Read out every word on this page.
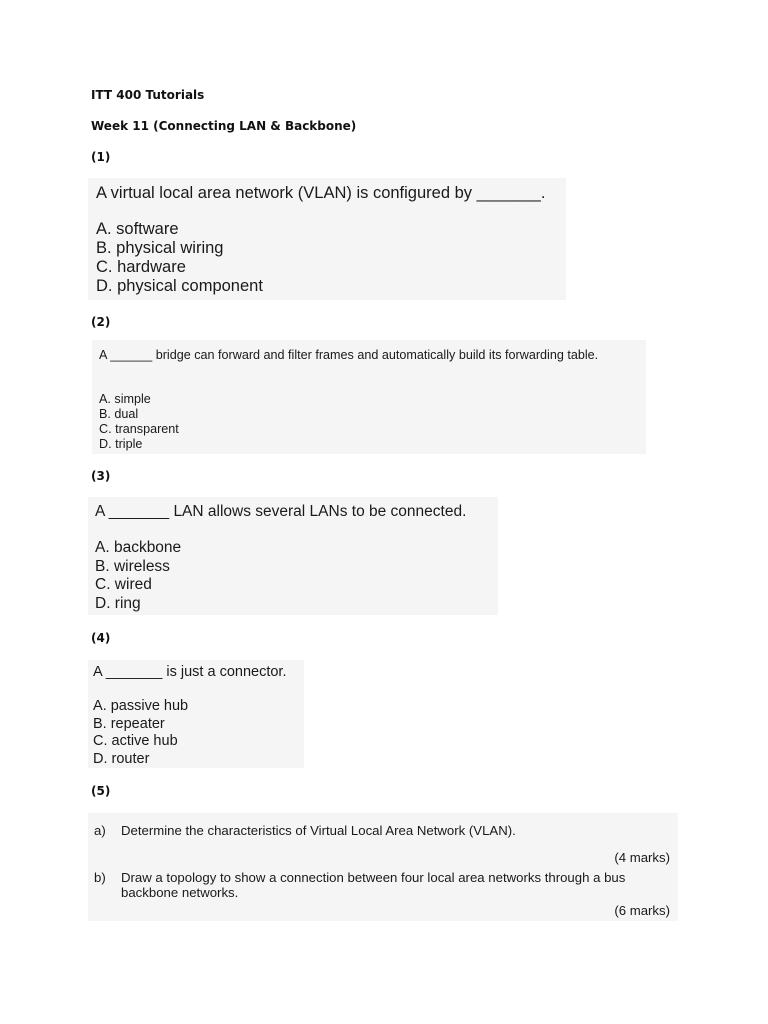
ITT 400 Tutorials
Week 11 (Connecting LAN & Backbone)
(1)

A virtual local area network (VLAN) is configured by _______.

A. software
B. physical wiring
C. hardware
D. physical component
(2)

A ______ bridge can forward and filter frames and automatically build its forwarding table.

A. simple
B. dual
C. transparent
D. triple
(3)

A _______ LAN allows several LANs to be connected.

A. backbone
B. wireless
C. wired
D. ring
(4)

A _______ is just a connector.

A. passive hub
B. repeater
C. active hub
D. router
(5)
a) Determine the characteristics of Virtual Local Area Network (VLAN).
(4 marks)
b) Draw a topology to show a connection between four local area networks through a bus backbone networks.
(6 marks)
